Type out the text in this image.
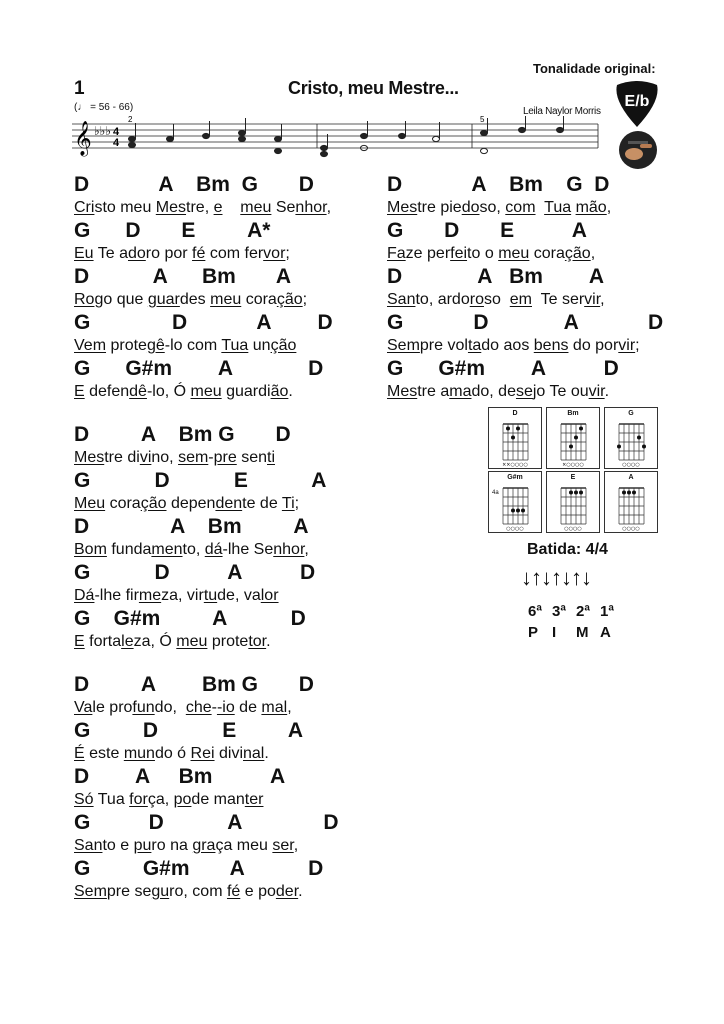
1	Cristo, meu Mestre...
Tonalidade original:
E/b
(♩ = 56 - 66)	Leila Naylor Morris
𝄞 ♭♭♭ 4
4
2	5
D            A    Bm  G       D
Cristo meu Mestre, e meu Senhor,
G      D       E         A*
Eu Te adoro por fé com fervor;
D           A      Bm       A
Rogo que guardes meu coração;
G              D            A        D
Vem protegê-lo com Tua unção
G      G#m        A             D
E defendê-lo, Ó meu guardião.
D         A    Bm G       D
Mestre divino, sem-pre senti
G           D           E           A
Meu coração dependente de Ti;
D              A    Bm         A
Bom fundamento, dá-lhe Senhor,
G           D          A          D
Dá-lhe firmeza, virtude, valor
G    G#m         A           D
E fortaleza, Ó meu protetor.
D         A        Bm G       D
Vale profundo,  che--io de mal,
G         D           E         A
É este mundo ó Rei divinal.
D        A     Bm          A
Só Tua força, pode manter
G          D           A              D
Santo e puro na graça meu ser,
G         G#m       A           D
Sempre seguro, com fé e poder.
D            A    Bm    G  D
Mestre piedoso, com Tua mão,
G       D       E          A
Faze perfeito o meu coração,
D             A   Bm        A
Santo, ardoroso  em  Te servir,
G            D             A            D
Sempre voltado aos bens do porvir;
G      G#m        A          D
Mestre amado, desejo Te ouvir.
D
××○○○○
Bm
×○○○○
G
○○○○
G#m
○○○○
4a
E
○○○○
A
○○○○
Batida: 4/4
↓↑↓↑↓↑↓
6ª 3ª 2ª 1ª
P I M A
